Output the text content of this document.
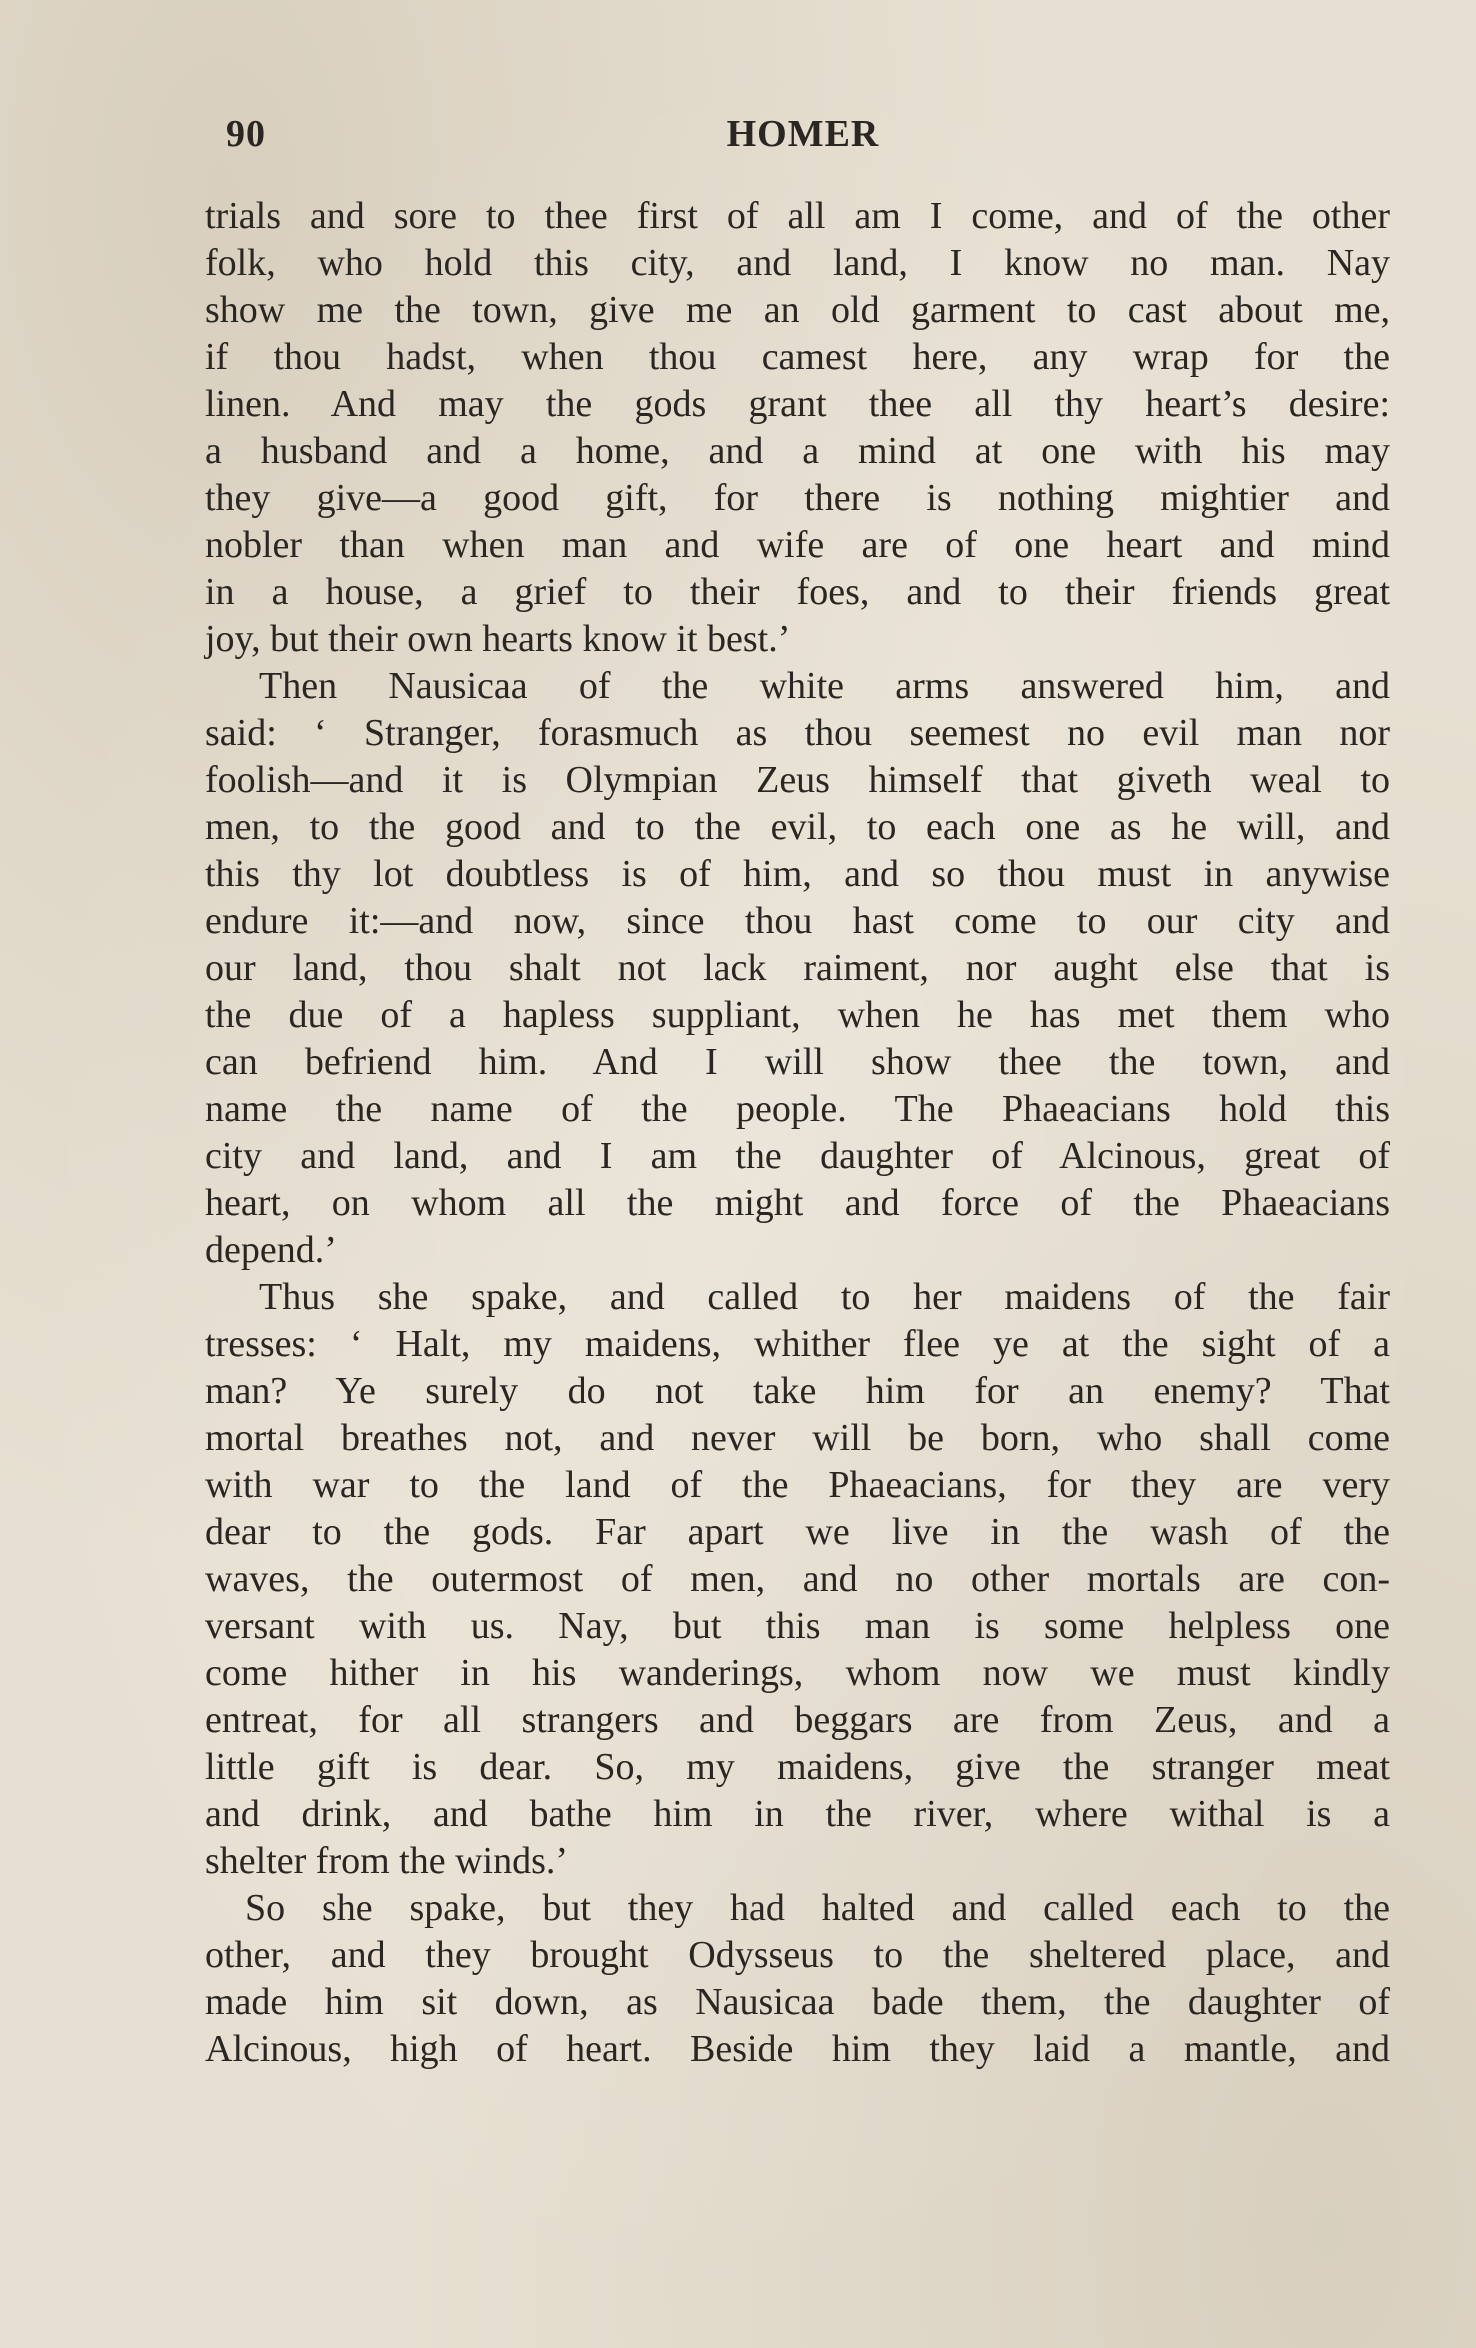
90	HOMER
trials and sore to thee first of all am I come, and of the other
folk, who hold this city, and land, I know no man. Nay
show me the town, give me an old garment to cast about me,
if thou hadst, when thou camest here, any wrap for the
linen. And may the gods grant thee all thy heart’s desire:
a husband and a home, and a mind at one with his may
they give—a good gift, for there is nothing mightier and
nobler than when man and wife are of one heart and mind
in a house, a grief to their foes, and to their friends great
joy, but their own hearts know it best.’
Then Nausicaa of the white arms answered him, and
said: ‘ Stranger, forasmuch as thou seemest no evil man nor
foolish—and it is Olympian Zeus himself that giveth weal to
men, to the good and to the evil, to each one as he will, and
this thy lot doubtless is of him, and so thou must in anywise
endure it:—and now, since thou hast come to our city and
our land, thou shalt not lack raiment, nor aught else that is
the due of a hapless suppliant, when he has met them who
can befriend him. And I will show thee the town, and
name the name of the people. The Phaeacians hold this
city and land, and I am the daughter of Alcinous, great of
heart, on whom all the might and force of the Phaeacians
depend.’
Thus she spake, and called to her maidens of the fair
tresses: ‘ Halt, my maidens, whither flee ye at the sight of a
man? Ye surely do not take him for an enemy? That
mortal breathes not, and never will be born, who shall come
with war to the land of the Phaeacians, for they are very
dear to the gods. Far apart we live in the wash of the
waves, the outermost of men, and no other mortals are con-
versant with us. Nay, but this man is some helpless one
come hither in his wanderings, whom now we must kindly
entreat, for all strangers and beggars are from Zeus, and a
little gift is dear. So, my maidens, give the stranger meat
and drink, and bathe him in the river, where withal is a
shelter from the winds.’
So she spake, but they had halted and called each to the
other, and they brought Odysseus to the sheltered place, and
made him sit down, as Nausicaa bade them, the daughter of
Alcinous, high of heart. Beside him they laid a mantle, and
